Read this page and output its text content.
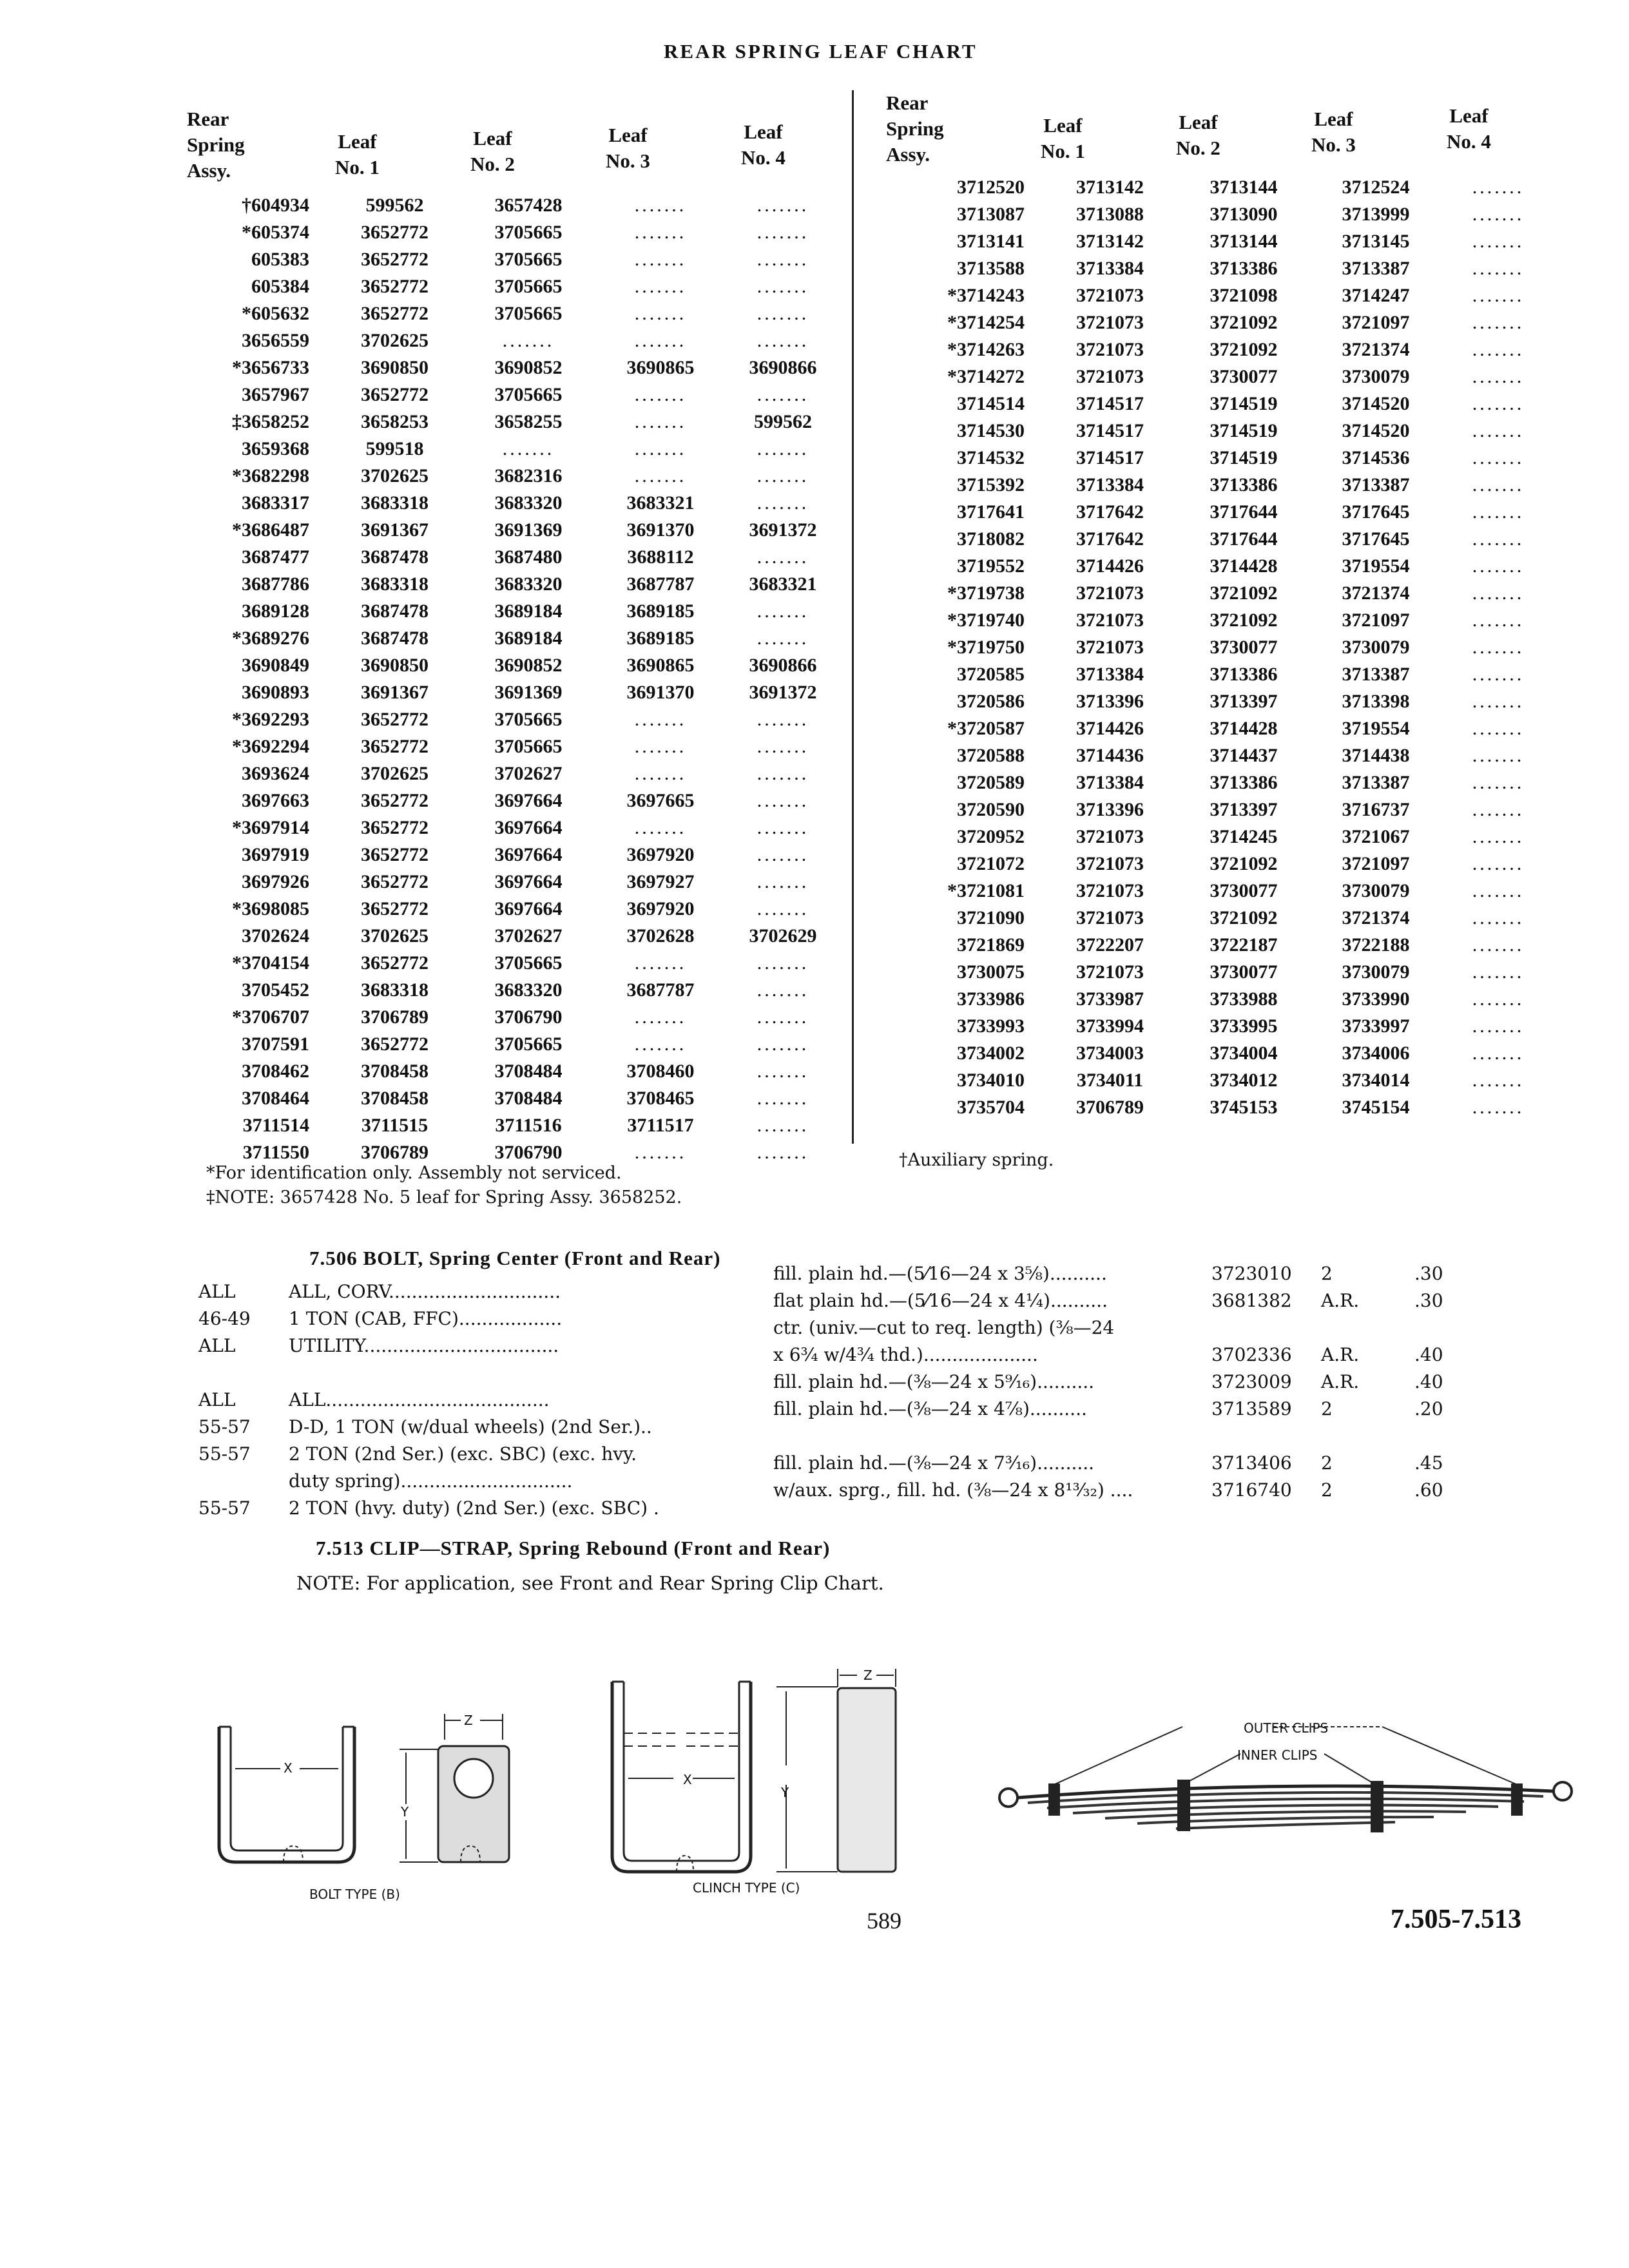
REAR SPRING LEAF CHART
Rear
Spring
Assy.
Leaf
No. 1
Leaf
No. 2
Leaf
No. 3
Leaf
No. 4
Rear
Spring
Assy.
Leaf
No. 1
Leaf
No. 2
Leaf
No. 3
Leaf
No. 4
†604934	599562	3657428	.......	.......
*605374	3652772	3705665	.......	.......
605383	3652772	3705665	.......	.......
605384	3652772	3705665	.......	.......
*605632	3652772	3705665	.......	.......
3656559	3702625	.......	.......	.......
*3656733	3690850	3690852	3690865	3690866
3657967	3652772	3705665	.......	.......
‡3658252	3658253	3658255	.......	599562
3659368	599518	.......	.......	.......
*3682298	3702625	3682316	.......	.......
3683317	3683318	3683320	3683321	.......
*3686487	3691367	3691369	3691370	3691372
3687477	3687478	3687480	3688112	.......
3687786	3683318	3683320	3687787	3683321
3689128	3687478	3689184	3689185	.......
*3689276	3687478	3689184	3689185	.......
3690849	3690850	3690852	3690865	3690866
3690893	3691367	3691369	3691370	3691372
*3692293	3652772	3705665	.......	.......
*3692294	3652772	3705665	.......	.......
3693624	3702625	3702627	.......	.......
3697663	3652772	3697664	3697665	.......
*3697914	3652772	3697664	.......	.......
3697919	3652772	3697664	3697920	.......
3697926	3652772	3697664	3697927	.......
*3698085	3652772	3697664	3697920	.......
3702624	3702625	3702627	3702628	3702629
*3704154	3652772	3705665	.......	.......
3705452	3683318	3683320	3687787	.......
*3706707	3706789	3706790	.......	.......
3707591	3652772	3705665	.......	.......
3708462	3708458	3708484	3708460	.......
3708464	3708458	3708484	3708465	.......
3711514	3711515	3711516	3711517	.......
3711550	3706789	3706790	.......	.......
3712520	3713142	3713144	3712524	.......
3713087	3713088	3713090	3713999	.......
3713141	3713142	3713144	3713145	.......
3713588	3713384	3713386	3713387	.......
*3714243	3721073	3721098	3714247	.......
*3714254	3721073	3721092	3721097	.......
*3714263	3721073	3721092	3721374	.......
*3714272	3721073	3730077	3730079	.......
3714514	3714517	3714519	3714520	.......
3714530	3714517	3714519	3714520	.......
3714532	3714517	3714519	3714536	.......
3715392	3713384	3713386	3713387	.......
3717641	3717642	3717644	3717645	.......
3718082	3717642	3717644	3717645	.......
3719552	3714426	3714428	3719554	.......
*3719738	3721073	3721092	3721374	.......
*3719740	3721073	3721092	3721097	.......
*3719750	3721073	3730077	3730079	.......
3720585	3713384	3713386	3713387	.......
3720586	3713396	3713397	3713398	.......
*3720587	3714426	3714428	3719554	.......
3720588	3714436	3714437	3714438	.......
3720589	3713384	3713386	3713387	.......
3720590	3713396	3713397	3716737	.......
3720952	3721073	3714245	3721067	.......
3721072	3721073	3721092	3721097	.......
*3721081	3721073	3730077	3730079	.......
3721090	3721073	3721092	3721374	.......
3721869	3722207	3722187	3722188	.......
3730075	3721073	3730077	3730079	.......
3733986	3733987	3733988	3733990	.......
3733993	3733994	3733995	3733997	.......
3734002	3734003	3734004	3734006	.......
3734010	3734011	3734012	3734014	.......
3735704	3706789	3745153	3745154	.......
*For identification only. Assembly not serviced.
‡NOTE: 3657428 No. 5 leaf for Spring Assy. 3658252.
†Auxiliary spring.
7.506 BOLT, Spring Center (Front and Rear)
ALL	ALL, CORV..............................
46-49 1 TON (CAB, FFC)..................
ALL	UTILITY..................................
ALL	ALL.......................................
55-57 D-D, 1 TON (w/dual wheels) (2nd Ser.)..
55-57 2 TON (2nd Ser.) (exc. SBC) (exc. hvy.
duty spring)..............................
55-57 2 TON (hvy. duty) (2nd Ser.) (exc. SBC) .
fill. plain hd.—(5⁄16—24 x 3⅝)..........	3723010 2	.30
flat plain hd.—(5⁄16—24 x 4¼)..........	3681382 A.R.	.30
ctr. (univ.—cut to req. length) (⅜—24
x 6¾ w/4¾ thd.)....................	3702336 A.R.	.40
fill. plain hd.—(⅜—24 x 5⁹⁄₁₆)..........	3723009 A.R.	.40
fill. plain hd.—(⅜—24 x 4⅞)..........	3713589 2	.20
fill. plain hd.—(⅜—24 x 7³⁄₁₆)..........	3713406 2	.45
w/aux. sprg., fill. hd. (⅜—24 x 8¹³⁄₃₂) ....	3716740 2	.60
7.513 CLIP—STRAP, Spring Rebound (Front and Rear)
NOTE: For application, see Front and Rear Spring Clip Chart.
X
Y
Z
BOLT TYPE (B)
X
Y
Z
CLINCH TYPE (C)
OUTER CLIPS
INNER CLIPS
589	7.505-7.513
